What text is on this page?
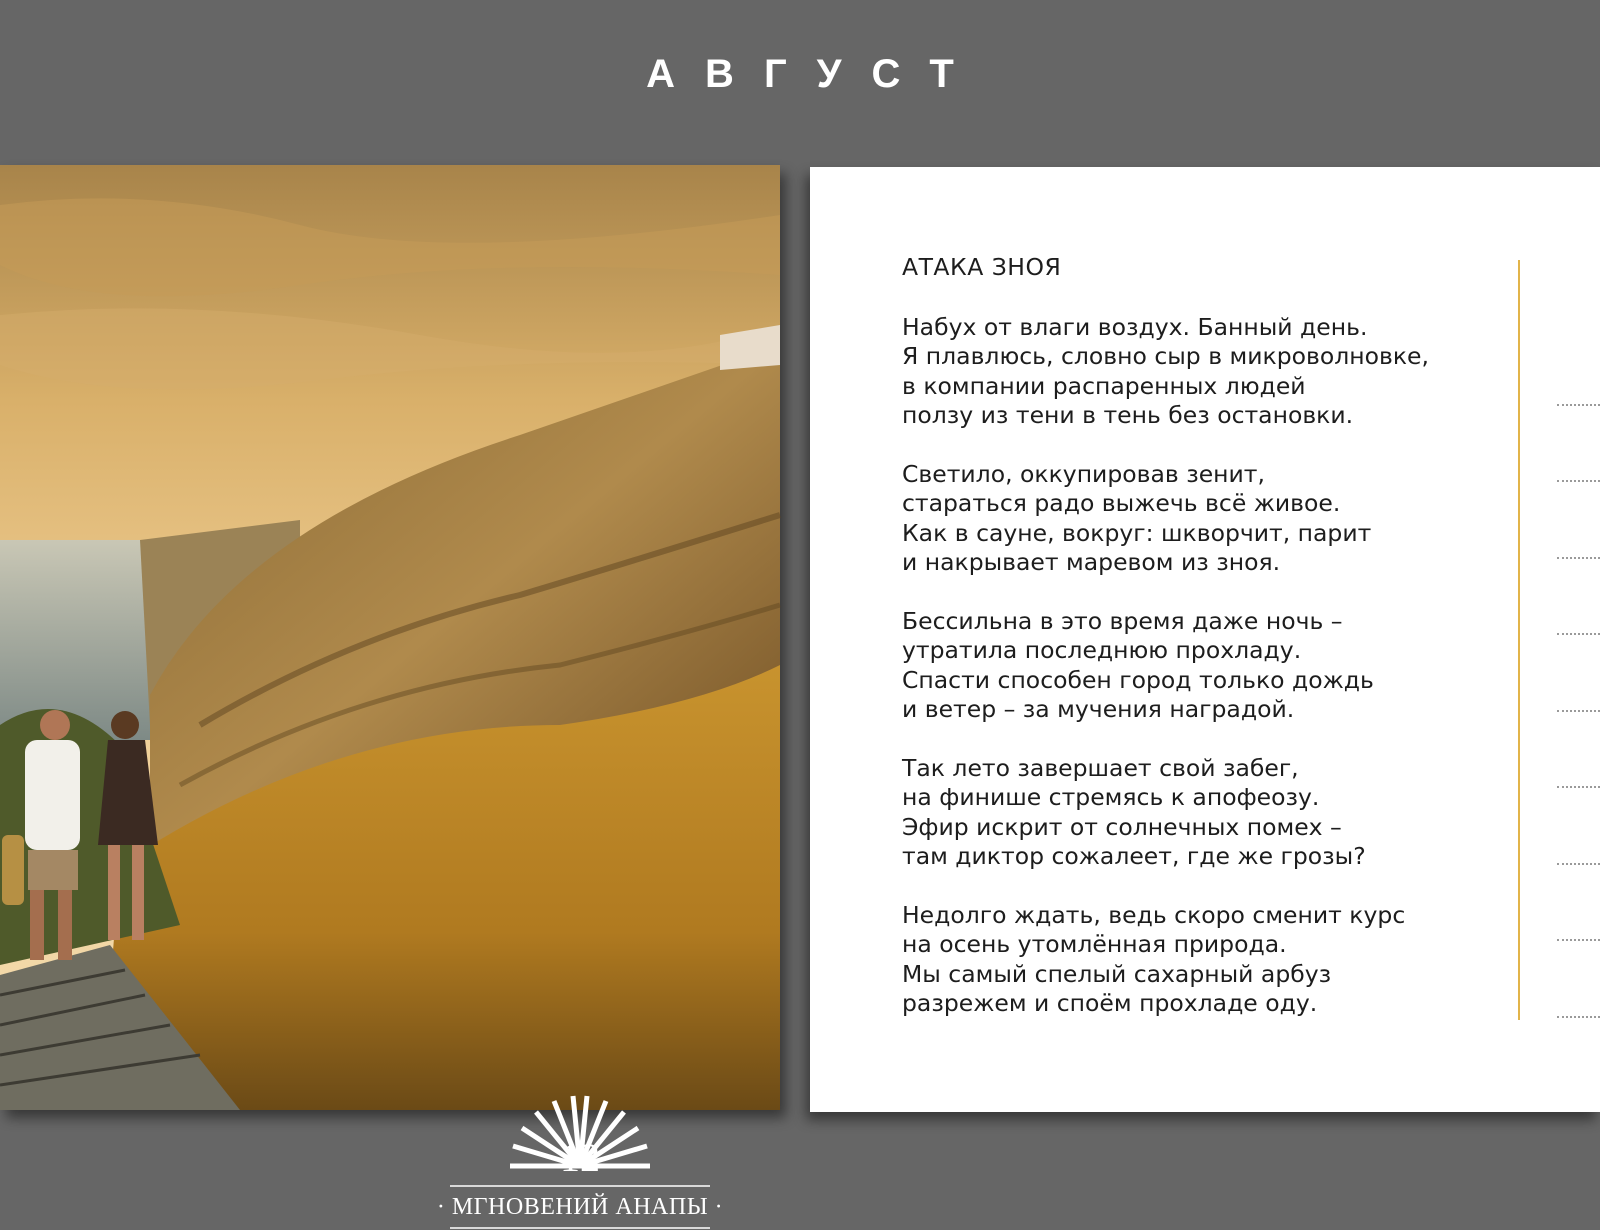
АВГУСТ
12
· МГНОВЕНИЙ АНАПЫ ·
АТАКА ЗНОЯ
Набух от влаги воздух. Банный день.
Я плавлюсь, словно сыр в микроволновке,
в компании распаренных людей
ползу из тени в тень без остановки.
Светило, оккупировав зенит,
стараться радо выжечь всё живое.
Как в сауне, вокруг: шкворчит, парит
и накрывает маревом из зноя.
Бессильна в это время даже ночь –
утратила последнюю прохладу.
Спасти способен город только дождь
и ветер – за мучения наградой.
Так лето завершает свой забег,
на финише стремясь к апофеозу.
Эфир искрит от солнечных помех –
там диктор сожалеет, где же грозы?
Недолго ждать, ведь скоро сменит курс
на осень утомлённая природа.
Мы самый спелый сахарный арбуз
разрежем и споём прохладе оду.
